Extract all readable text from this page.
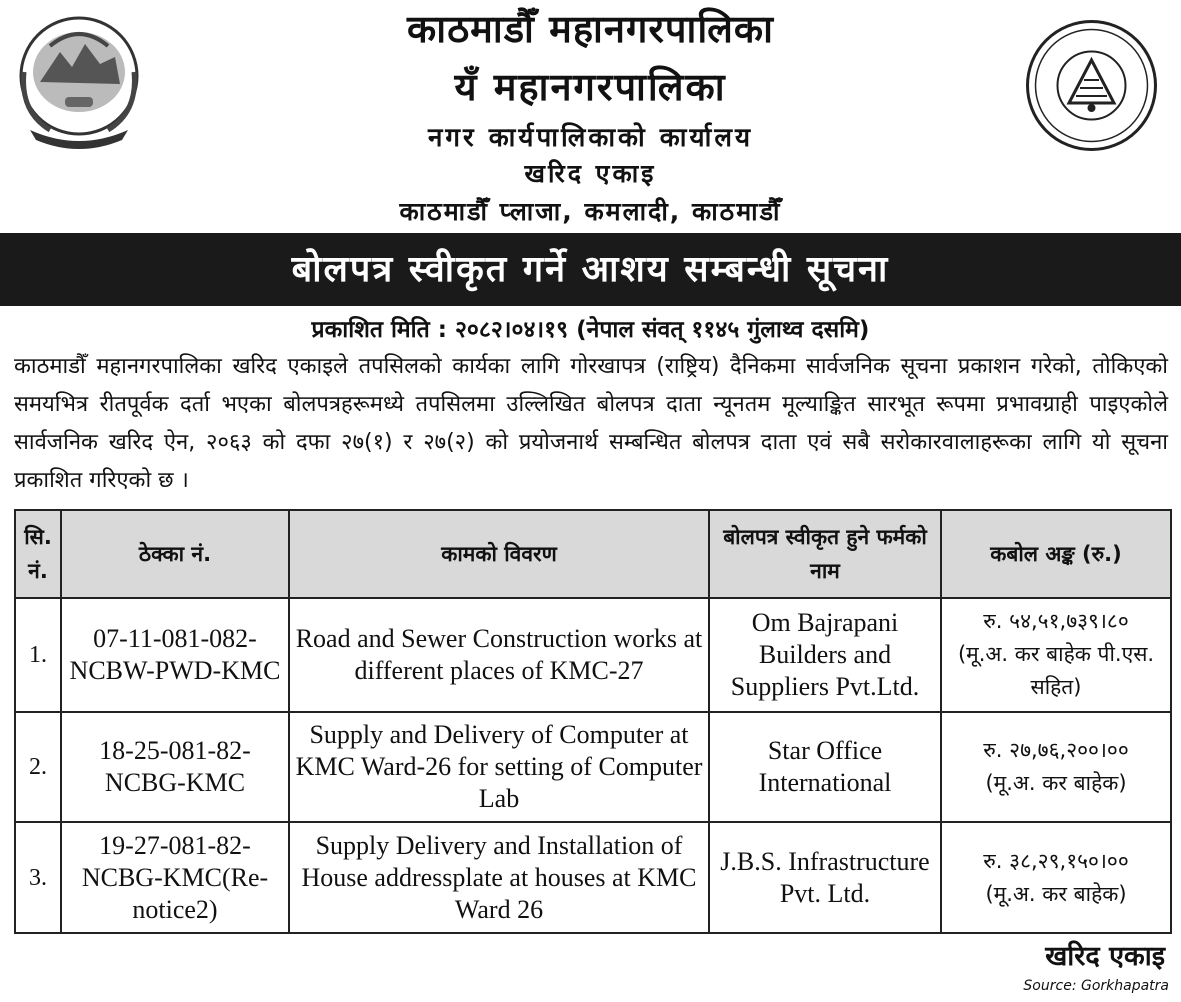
काठमाडौँ महानगरपालिका
यँ महानगरपालिका
नगर कार्यपालिकाको कार्यालय
खरिद एकाइ
काठमाडौँ प्लाजा, कमलादी, काठमाडौँ
बोलपत्र स्वीकृत गर्ने आशय सम्बन्धी सूचना
प्रकाशित मिति : २०८२।०४।१९ (नेपाल संवत् ११४५ गुंलाथ्व दसमि)
काठमाडौँ महानगरपालिका खरिद एकाइले तपसिलको कार्यका लागि गोरखापत्र (राष्ट्रिय) दैनिकमा सार्वजनिक सूचना प्रकाशन गरेको, तोकिएको समयभित्र रीतपूर्वक दर्ता भएका बोलपत्रहरूमध्ये तपसिलमा उल्लिखित बोलपत्र दाता न्यूनतम मूल्याङ्कित सारभूत रूपमा प्रभावग्राही पाइएकोले सार्वजनिक खरिद ऐन, २०६३ को दफा २७(१) र २७(२) को प्रयोजनार्थ सम्बन्धित बोलपत्र दाता एवं सबै सरोकारवालाहरूका लागि यो सूचना प्रकाशित गरिएको छ ।
सि. नं.	ठेक्का नं.	कामको विवरण	बोलपत्र स्वीकृत हुने फर्मको नाम	कबोल अङ्क (रु.)
1.	07-11-081-082-NCBW-PWD-KMC	Road and Sewer Construction works at different places of KMC-27	Om Bajrapani Builders and Suppliers Pvt.Ltd.	रु. ५४,५१,७३९।८०
(मू.अ. कर बाहेक पी.एस. सहित)

2.	18-25-081-82-NCBG-KMC	Supply and Delivery of Computer at KMC Ward-26 for setting of Computer Lab	Star Office International	रु. २७,७६,२००।००
(मू.अ. कर बाहेक)

3.	19-27-081-82-NCBG-KMC(Re-notice2)	Supply Delivery and Installation of House addressplate at houses at KMC Ward 26	J.B.S. Infrastructure Pvt. Ltd.	रु. ३८,२९,१५०।००
(मू.अ. कर बाहेक)
खरिद एकाइ
Source: Gorkhapatra
